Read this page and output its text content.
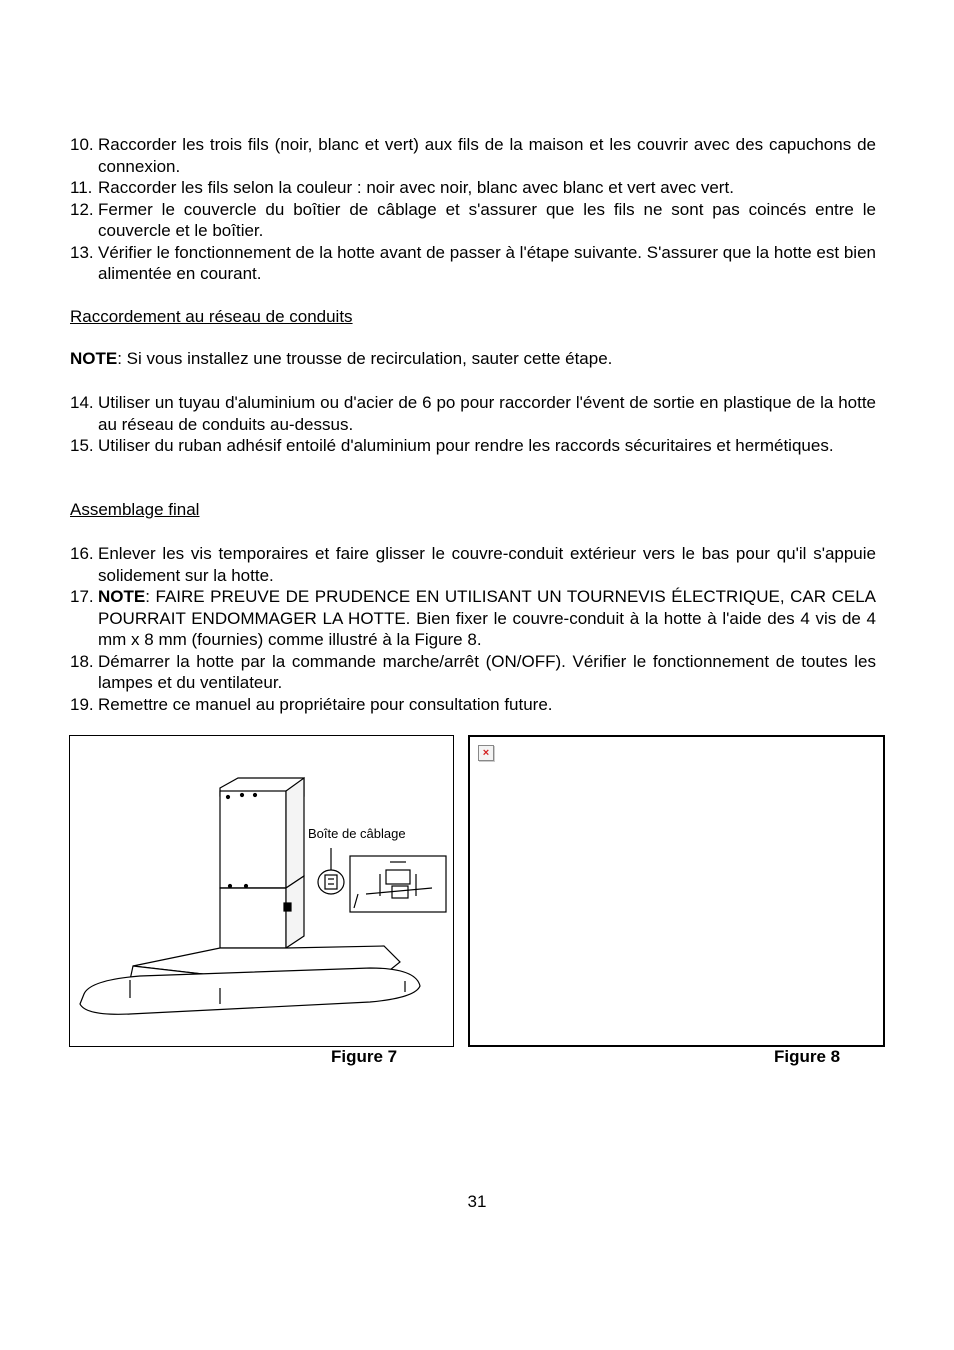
10. Raccorder les trois fils (noir, blanc et vert) aux fils de la maison et les couvrir avec des capuchons de connexion.
11. Raccorder les fils selon la couleur : noir avec noir, blanc avec blanc et vert avec vert.
12. Fermer le couvercle du boîtier de câblage et s'assurer que les fils ne sont pas coincés entre le couvercle et le boîtier.
13. Vérifier le fonctionnement de la hotte avant de passer à l'étape suivante. S'assurer que la hotte est bien alimentée en courant.
Raccordement au réseau de conduits
NOTE: Si vous installez une trousse de recirculation, sauter cette étape.
14. Utiliser un tuyau d'aluminium ou d'acier de 6 po pour raccorder l'évent de sortie en plastique de la hotte au réseau de conduits au-dessus.
15. Utiliser du ruban adhésif entoilé d'aluminium pour rendre les raccords sécuritaires et hermétiques.
Assemblage final
16. Enlever les vis temporaires et faire glisser le couvre-conduit extérieur vers le bas pour qu'il s'appuie solidement sur la hotte.
17. NOTE: FAIRE PREUVE DE PRUDENCE EN UTILISANT UN TOURNEVIS ÉLECTRIQUE, CAR CELA POURRAIT ENDOMMAGER LA HOTTE. Bien fixer le couvre-conduit à la hotte à l'aide des 4 vis de 4 mm x 8 mm (fournies) comme illustré à la Figure 8.
18. Démarrer la hotte par la commande marche/arrêt (ON/OFF). Vérifier le fonctionnement de toutes les lampes et du ventilateur.
19. Remettre ce manuel au propriétaire pour consultation future.
Boîte de câblage
Figure 7
×
Figure 8
31
